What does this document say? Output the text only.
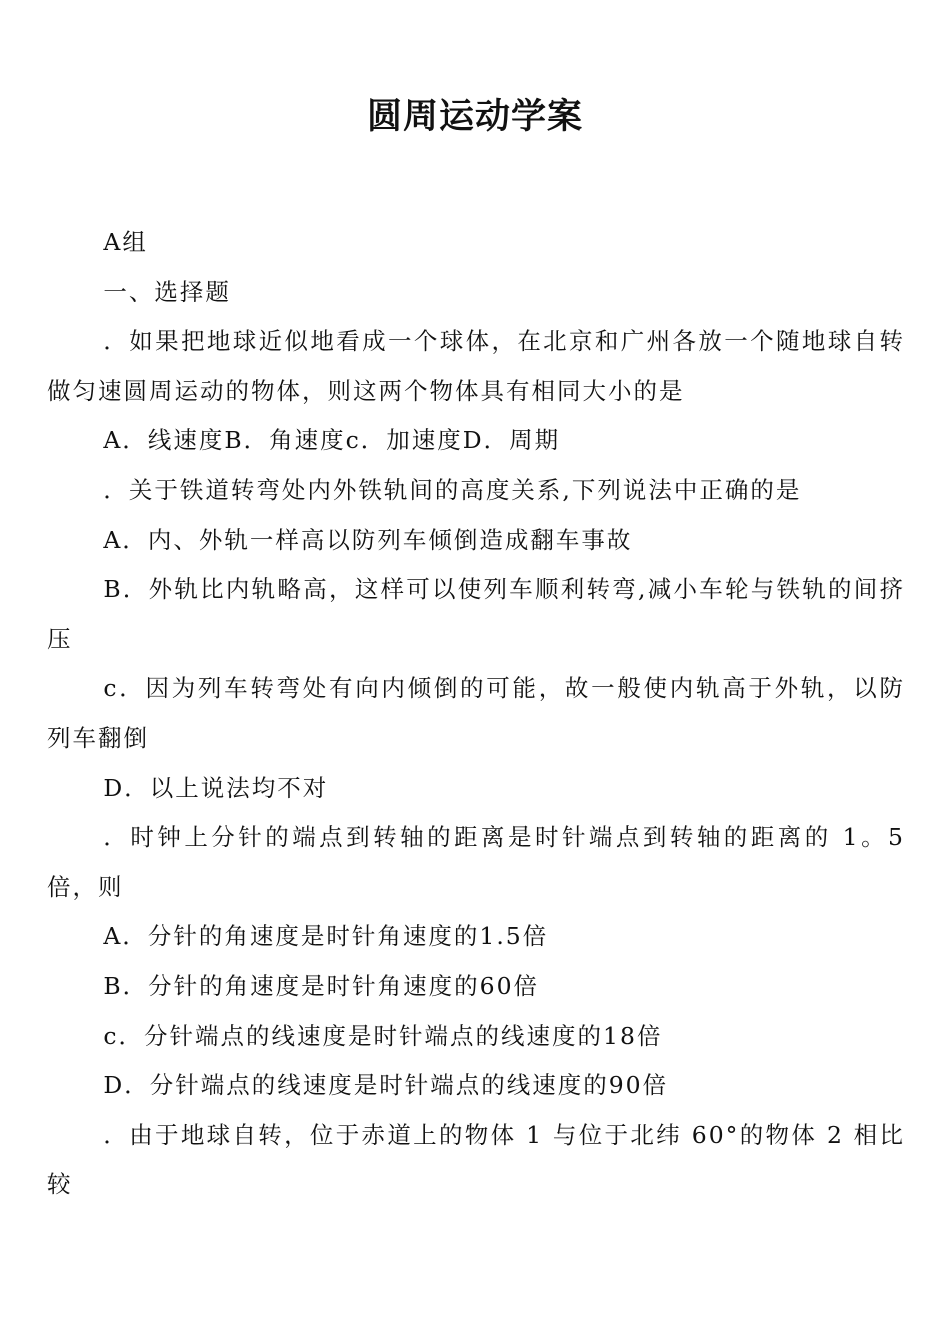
圆周运动学案

A组

一、选择题

．如果把地球近似地看成一个球体，在北京和广州各放一个随地球自转做匀速圆周运动的物体，则这两个物体具有相同大小的是

A．线速度B．角速度c．加速度D．周期

．关于铁道转弯处内外铁轨间的高度关系,下列说法中正确的是

A．内、外轨一样高以防列车倾倒造成翻车事故

B．外轨比内轨略高，这样可以使列车顺利转弯,减小车轮与铁轨的间挤压

c．因为列车转弯处有向内倾倒的可能，故一般使内轨高于外轨，以防列车翻倒

D．以上说法均不对

．时钟上分针的端点到转轴的距离是时针端点到转轴的距离的 1。5倍，则

A．分针的角速度是时针角速度的1.5倍

B．分针的角速度是时针角速度的60倍

c．分针端点的线速度是时针端点的线速度的18倍

D．分针端点的线速度是时针端点的线速度的90倍

．由于地球自转，位于赤道上的物体 1 与位于北纬 60°的物体 2 相比较
